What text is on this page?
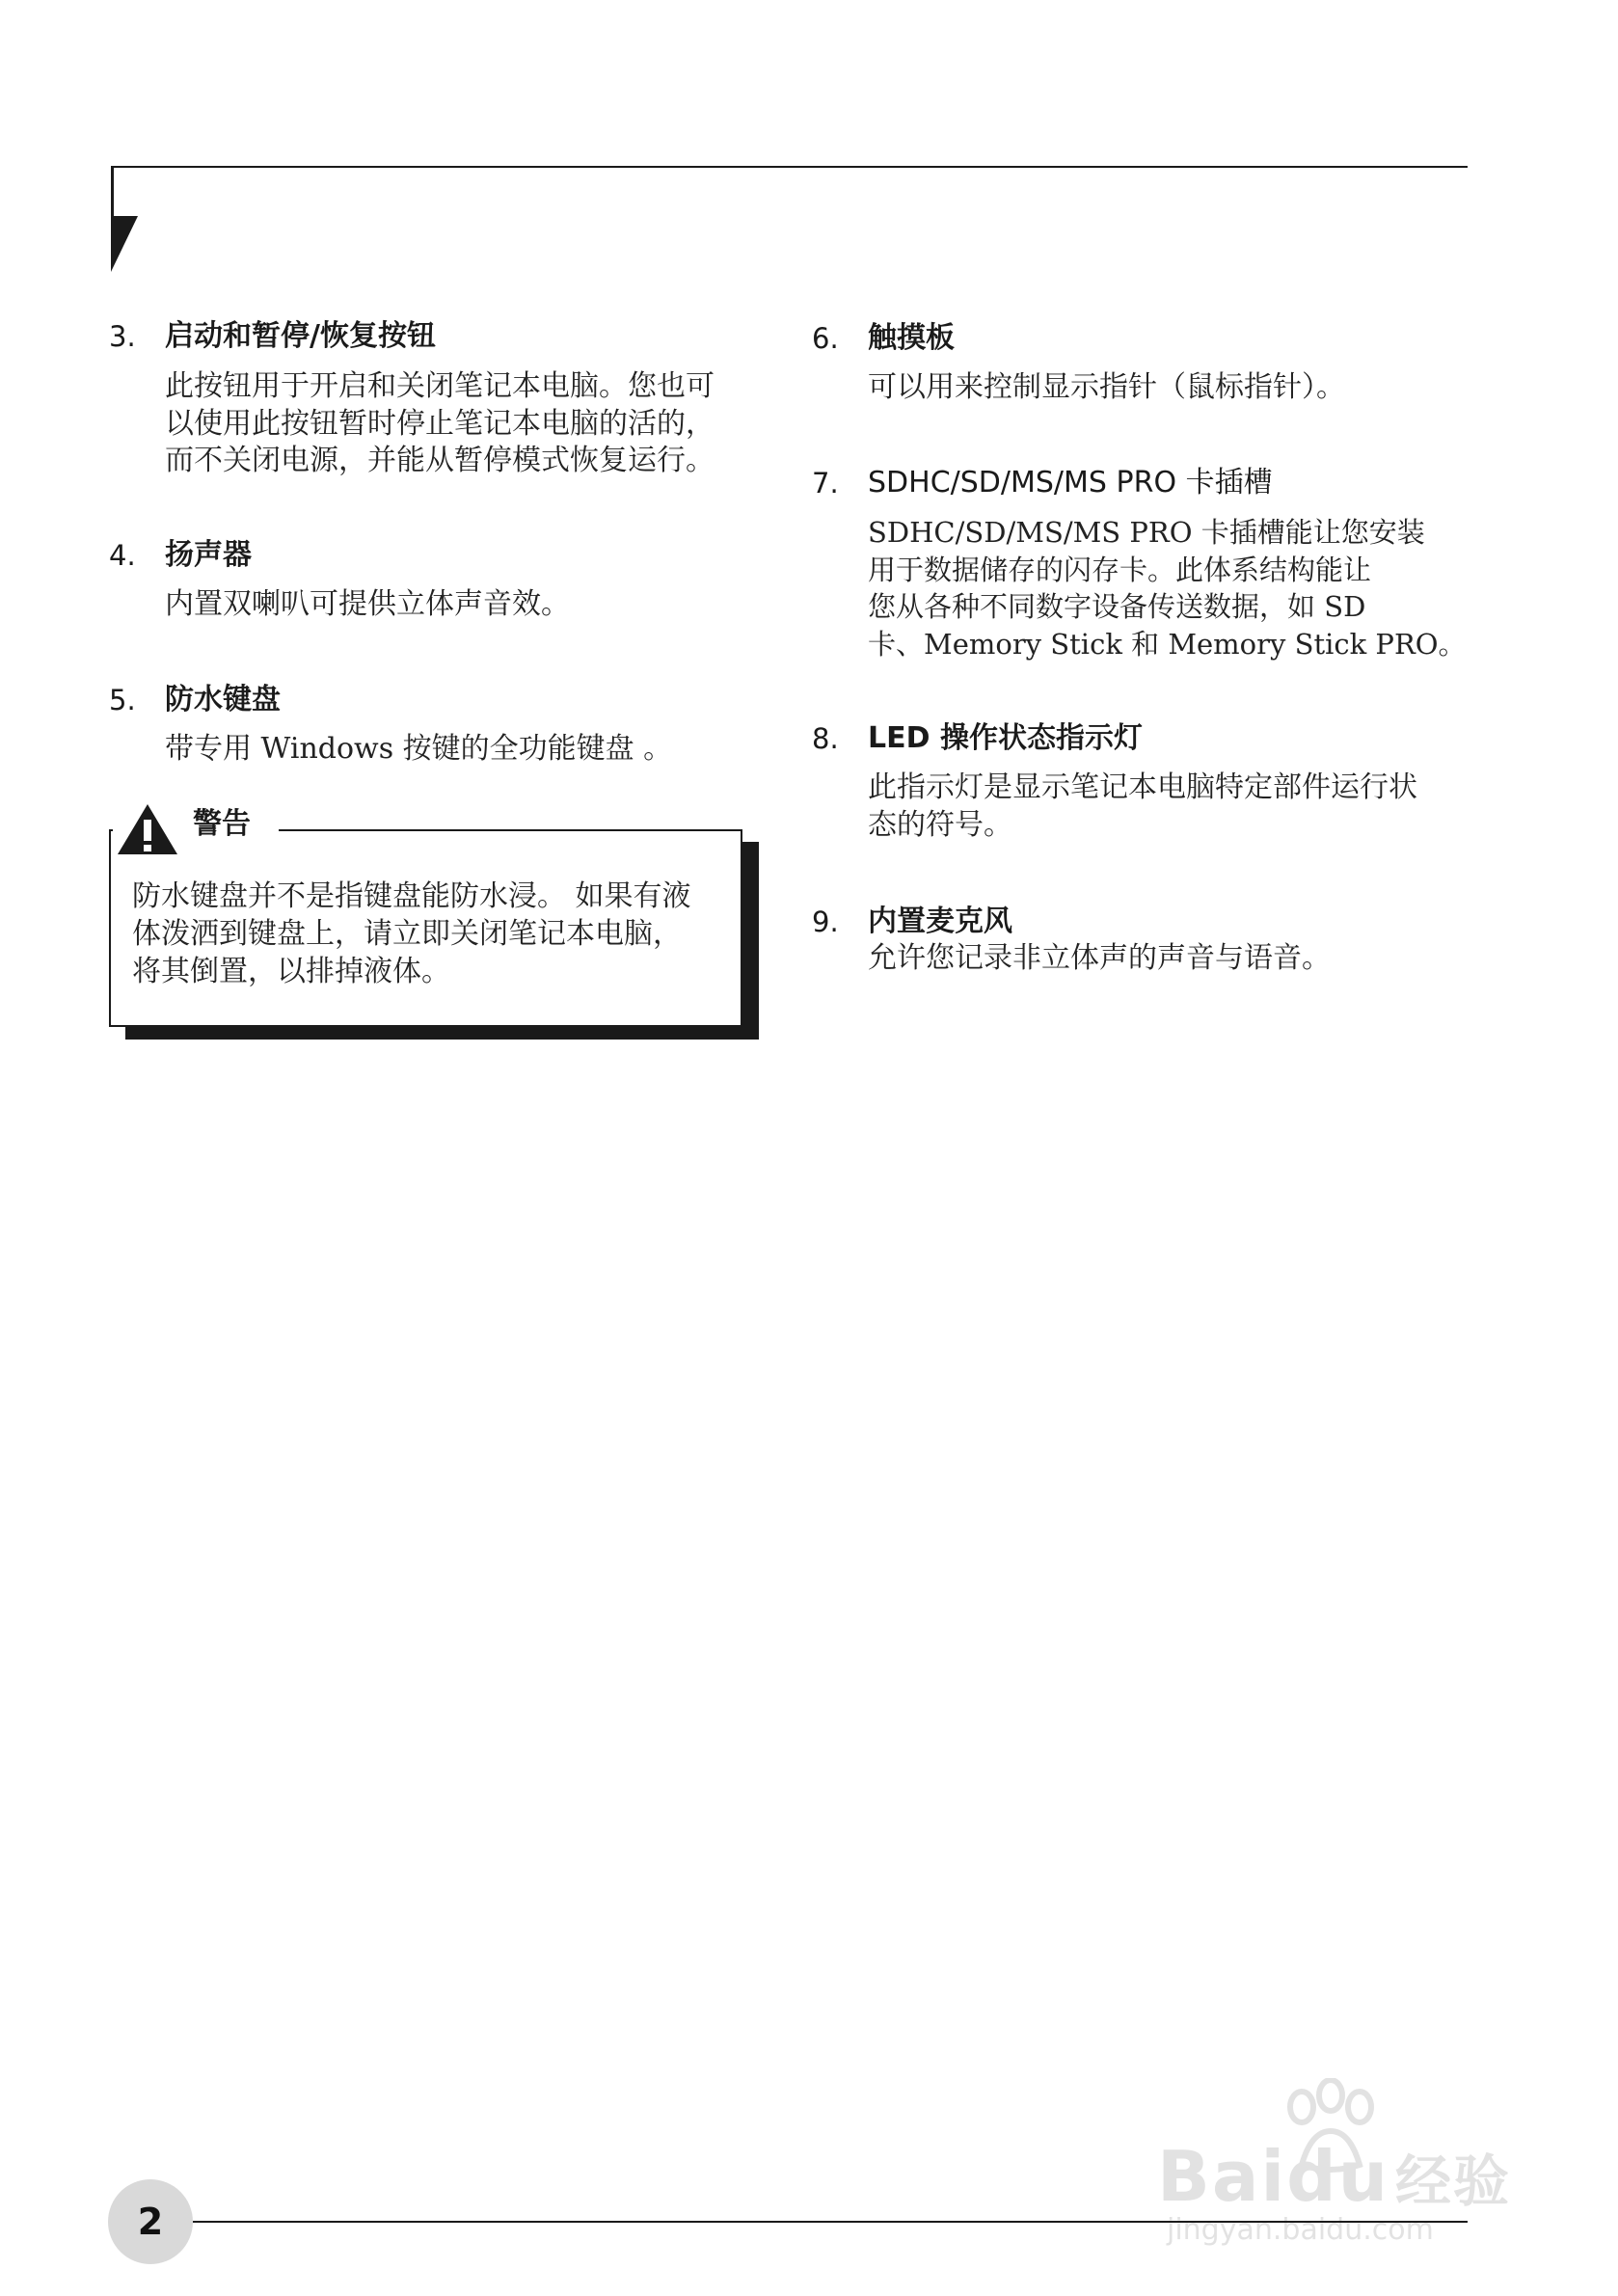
3. 启动和暂停/恢复按钮
此按钮用于开启和关闭笔记本电脑。您也可
以使用此按钮暂时停止笔记本电脑的活的，
而不关闭电源，并能从暂停模式恢复运行。
4. 扬声器
内置双喇叭可提供立体声音效。
5. 防水键盘
带专用 Windows 按键的全功能键盘 。
警告
防水键盘并不是指键盘能防水浸。 如果有液
体泼洒到键盘上，请立即关闭笔记本电脑，
将其倒置，以排掉液体。
6. 触摸板
可以用来控制显示指针（鼠标指针）。
7. SDHC/SD/MS/MS PRO 卡插槽
SDHC/SD/MS/MS PRO 卡插槽能让您安装
用于数据储存的闪存卡。此体系结构能让
您从各种不同数字设备传送数据，如 SD
卡、Memory Stick 和 Memory Stick PRO。
8. LED 操作状态指示灯
此指示灯是显示笔记本电脑特定部件运行状
态的符号。
9. 内置麦克风
允许您记录非立体声的声音与语音。
Baidu 经验
jingyan.baidu.com
2
